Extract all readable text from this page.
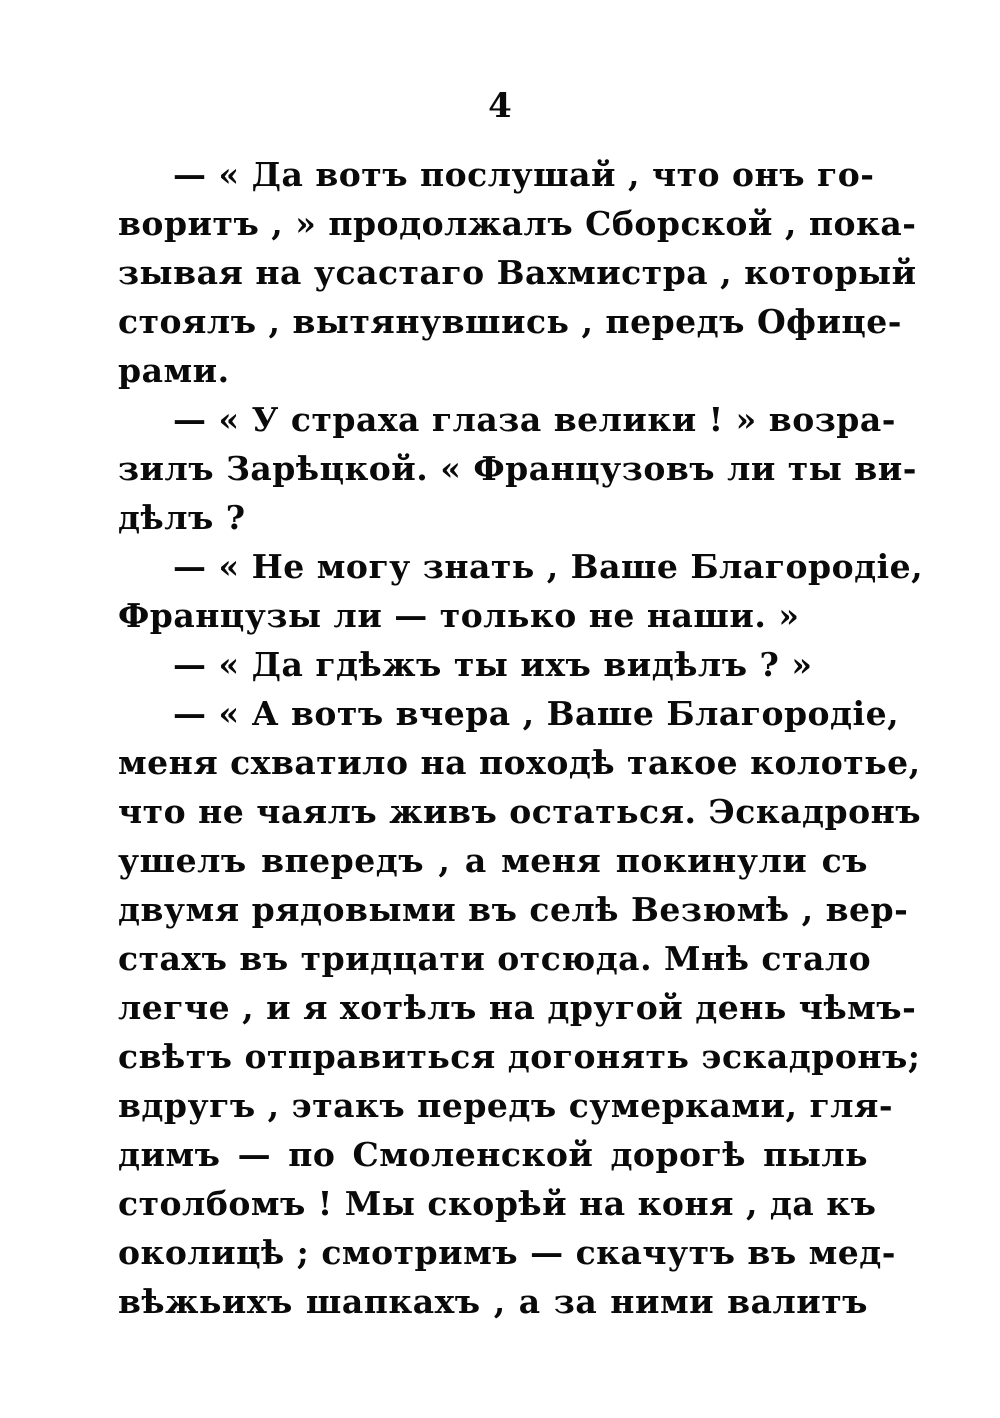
4
— « Да вотъ послушай , что онъ го-
воритъ , » продолжалъ Сборской , пока-
зывая на усастаго Вахмистра , который
стоялъ , вытянувшись , передъ Офице-
рами.
— « У страха глаза велики ! » возра-
зилъ Зарѣцкой. « Французовъ ли ты ви-
дѣлъ ?
— « Не могу знать , Ваше Благородіе,
Французы ли — только не наши. »
— « Да гдѣжъ ты ихъ видѣлъ ? »
— « А вотъ вчера , Ваше Благородіе,
меня схватило на походѣ такое колотье,
что не чаялъ живъ остаться. Эскадронъ
ушелъ впередъ , а меня покинули съ
двумя рядовыми въ селѣ Везюмѣ , вер-
стахъ въ тридцати отсюда. Мнѣ стало
легче , и я хотѣлъ на другой день чѣмъ-
свѣтъ отправиться догонять эскадронъ;
вдругъ , этакъ передъ сумерками, гля-
димъ — по Смоленской дорогѣ пыль
столбомъ ! Мы скорѣй на коня , да къ
околицѣ ; смотримъ — скачутъ въ мед-
вѣжьихъ шапкахъ , а за ними валитъ
